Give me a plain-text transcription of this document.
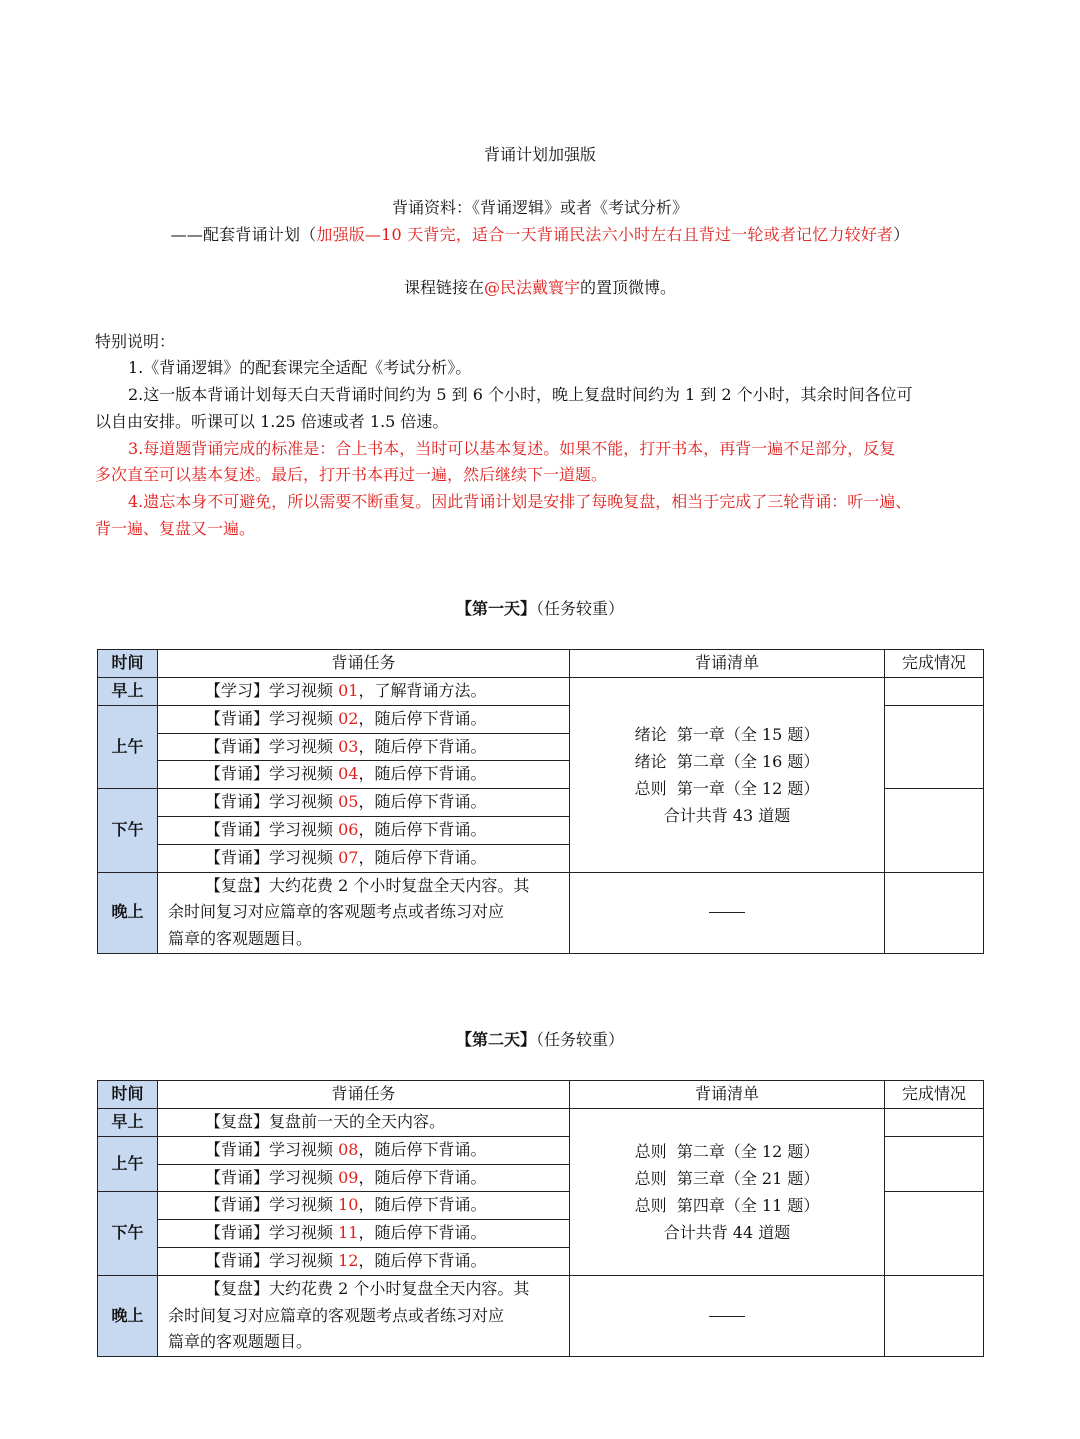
背诵计划加强版
背诵资料：《背诵逻辑》或者《考试分析》
——配套背诵计划（加强版—10 天背完，适合一天背诵民法六小时左右且背过一轮或者记忆力较好者）
课程链接在@民法戴寰宇的置顶微博。
特别说明：
1.《背诵逻辑》的配套课完全适配《考试分析》。
2.这一版本背诵计划每天白天背诵时间约为 5 到 6 个小时，晚上复盘时间约为 1 到 2 个小时，其余时间各位可
以自由安排。听课可以 1.25 倍速或者 1.5 倍速。
3.每道题背诵完成的标准是：合上书本，当时可以基本复述。如果不能，打开书本，再背一遍不足部分，反复
多次直至可以基本复述。最后，打开书本再过一遍，然后继续下一道题。
4.遗忘本身不可避免，所以需要不断重复。因此背诵计划是安排了每晚复盘，相当于完成了三轮背诵：听一遍、
背一遍、复盘又一遍。
【第一天】（任务较重）
时间	背诵任务	背诵清单	完成情况
早上	【学习】学习视频 01，了解背诵方法。	绪论  第一章（全 15 题）
绪论  第二章（全 16 题）
总则  第一章（全 12 题）
合计共背 43 道题	

上午	【背诵】学习视频 02，随后停下背诵。		
	【背诵】学习视频 03，随后停下背诵。		
	【背诵】学习视频 04，随后停下背诵。		
下午	【背诵】学习视频 05，随后停下背诵。		
	【背诵】学习视频 06，随后停下背诵。		
	【背诵】学习视频 07，随后停下背诵。		
晚上	【复盘】大约花费 2 个小时复盘全天内容。其
余时间复习对应篇章的客观题考点或者练习对应
篇章的客观题题目。		

【第二天】（任务较重）
时间	背诵任务	背诵清单	完成情况
早上	【复盘】复盘前一天的全天内容。	总则  第二章（全 12 题）
总则  第三章（全 21 题）
总则  第四章（全 11 题）
合计共背 44 道题	

上午	【背诵】学习视频 08，随后停下背诵。		
	【背诵】学习视频 09，随后停下背诵。		
下午	【背诵】学习视频 10，随后停下背诵。		
	【背诵】学习视频 11，随后停下背诵。		
	【背诵】学习视频 12，随后停下背诵。		
晚上	【复盘】大约花费 2 个小时复盘全天内容。其
余时间复习对应篇章的客观题考点或者练习对应
篇章的客观题题目。		
